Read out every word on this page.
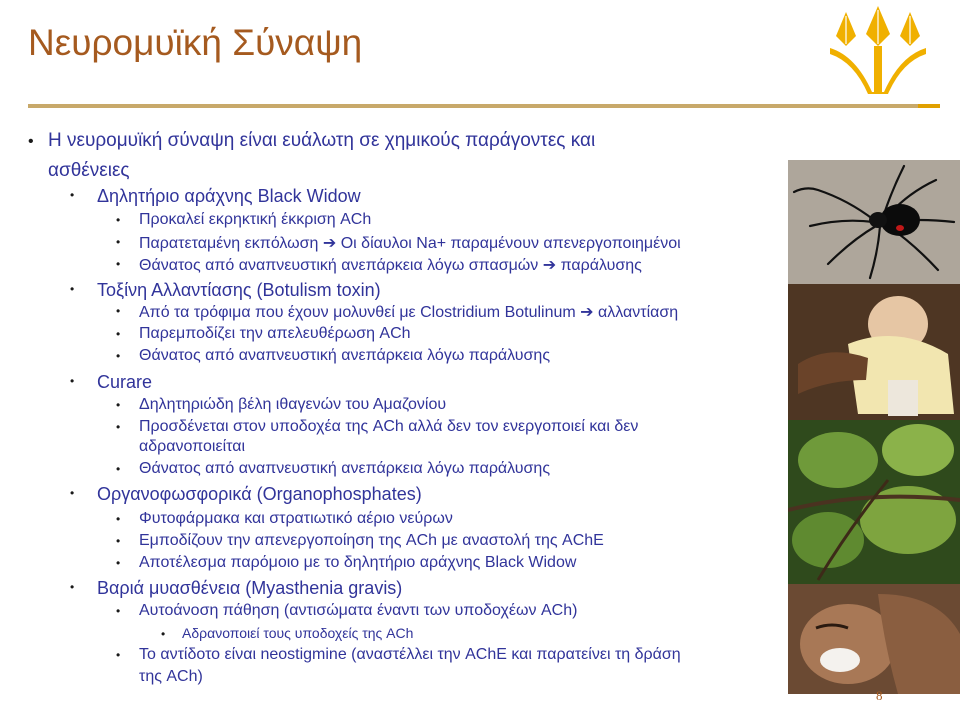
Νευρομυϊκή Σύναψη
Η νευρομυϊκή σύναψη είναι ευάλωτη σε χημικούς παράγοντες και
•
ασθένειες
Δηλητήριο αράχνης Black Widow
•
Προκαλεί εκρηκτική έκκριση ACh
•
Παρατεταμένη εκπόλωση ➔ Οι δίαυλοι Na+ παραμένουν απενεργοποιημένοι
•
Θάνατος από αναπνευστική ανεπάρκεια λόγω σπασμών ➔ παράλυσης
•
Τοξίνη Αλλαντίασης (Botulism toxin)
•
Από τα τρόφιμα που έχουν μολυνθεί με Clostridium Botulinum ➔ αλλαντίαση
•
Παρεμποδίζει την απελευθέρωση ACh
•
Θάνατος από αναπνευστική ανεπάρκεια λόγω παράλυσης
•
Curare
•
Δηλητηριώδη βέλη ιθαγενών του Αμαζονίου
•
Προσδένεται στον υποδοχέα της ACh αλλά δεν τον ενεργοποιεί και δεν
•
αδρανοποιείται
Θάνατος από αναπνευστική ανεπάρκεια λόγω παράλυσης
•
Οργανοφωσφορικά (Organophosphates)
•
Φυτοφάρμακα και στρατιωτικό αέριο νεύρων
•
Εμποδίζουν την απενεργοποίηση της ACh με αναστολή της AChE
•
Αποτέλεσμα παρόμοιο με το δηλητήριο αράχνης Black Widow
•
Βαριά μυασθένεια (Myasthenia gravis)
•
Αυτοάνοση πάθηση (αντισώματα έναντι των υποδοχέων ACh)
•
Αδρανοποιεί τους υποδοχείς της ACh
•
Το αντίδοτο είναι neostigmine (αναστέλλει την AChE και παρατείνει τη δράση
•
της ACh)
8
